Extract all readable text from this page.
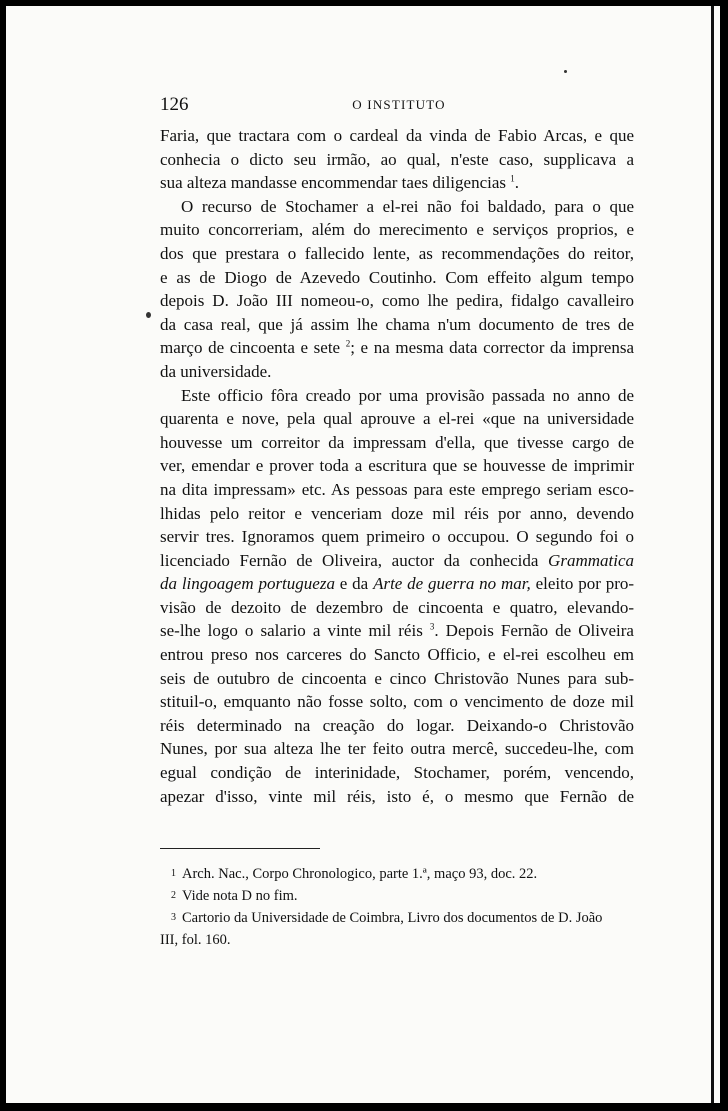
126	O INSTITUTO

Faria, que tractara com o cardeal da vinda de Fabio Arcas, e que
conhecia o dicto seu irmão, ao qual, n'este caso, supplicava a
sua alteza mandasse encommendar taes diligencias $^1$.

O recurso de Stochamer a el-rei não foi baldado, para o que
muito concorreriam, além do merecimento e serviços proprios, e
dos que prestara o fallecido lente, as recommendações do reitor,
e as de Diogo de Azevedo Coutinho. Com effeito algum tempo
depois D. João III nomeou-o, como lhe pedira, fidalgo cavalleiro
da casa real, que já assim lhe chama n'um documento de tres de
março de cincoenta e sete $^2$; e na mesma data corrector da imprensa
da universidade.

Este officio fôra creado por uma provisão passada no anno de
quarenta e nove, pela qual aprouve a el-rei «que na universidade
houvesse um correitor da impressam d'ella, que tivesse cargo de
ver, emendar e prover toda a escritura que se houvesse de imprimir
na dita impressam» etc. As pessoas para este emprego seriam esco-
lhidas pelo reitor e venceriam doze mil réis por anno, devendo
servir tres. Ignoramos quem primeiro o occupou. O segundo foi o
licenciado Fernão de Oliveira, auctor da conhecida Grammatica
da lingoagem portugueza e da Arte de guerra no mar, eleito por pro-
visão de dezoito de dezembro de cincoenta e quatro, elevando-
se-lhe logo o salario a vinte mil réis $^3$. Depois Fernão de Oliveira
entrou preso nos carceres do Sancto Officio, e el-rei escolheu em
seis de outubro de cincoenta e cinco Christovão Nunes para sub-
stituil-o, emquanto não fosse solto, com o vencimento de doze mil
réis determinado na creação do logar. Deixando-o Christovão
Nunes, por sua alteza lhe ter feito outra mercê, succedeu-lhe, com
egual condição de interinidade, Stochamer, porém, vencendo,
apezar d'isso, vinte mil réis, isto é, o mesmo que Fernão de

1 Arch. Nac., Corpo Chronologico, parte 1.ª, maço 93, doc. 22.

2 Vide nota D no fim.

3 Cartorio da Universidade de Coimbra, Livro dos documentos de D. João

III, fol. 160.
